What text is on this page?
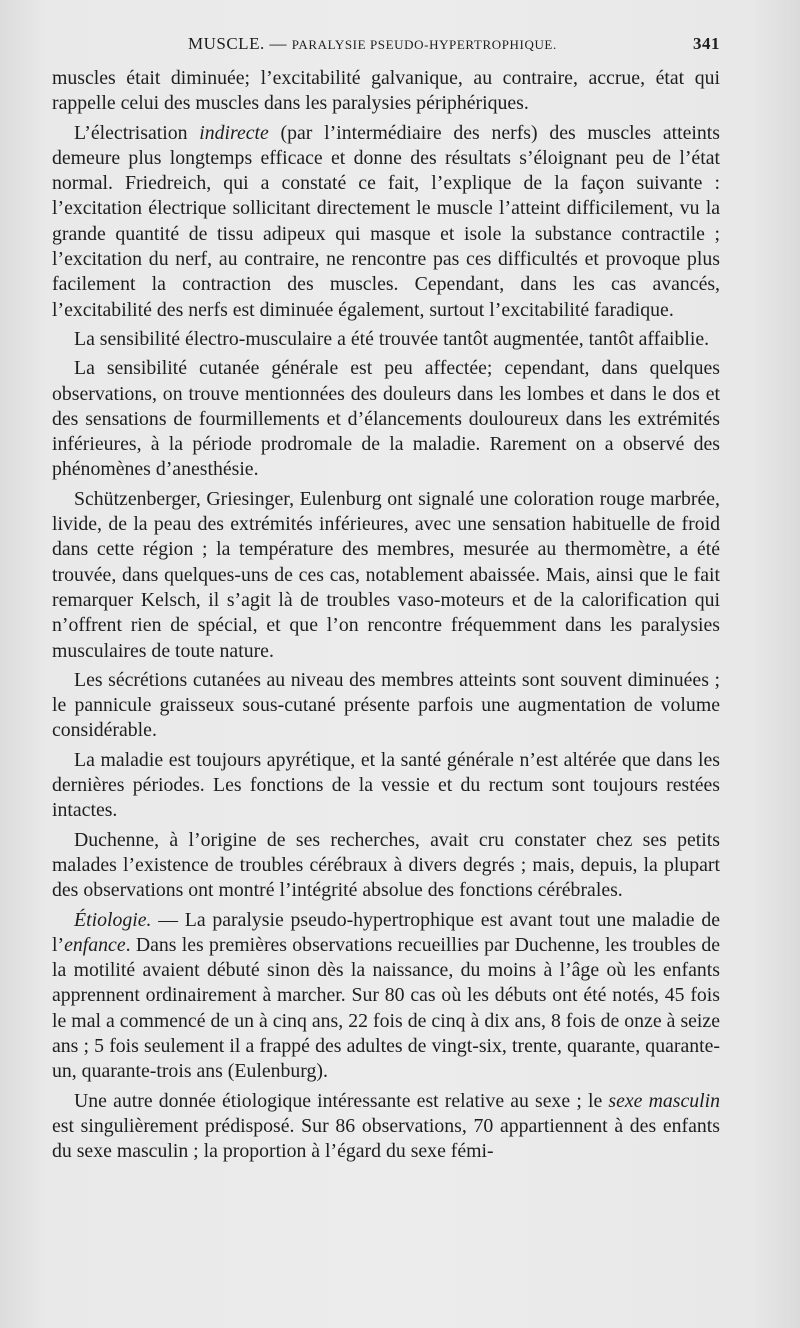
MUSCLE. — PARALYSIE PSEUDO-HYPERTROPHIQUE.	341

muscles était diminuée; l’excitabilité galvanique, au contraire, accrue, état qui rappelle celui des muscles dans les paralysies périphériques.

L’électrisation indirecte (par l’intermédiaire des nerfs) des muscles atteints demeure plus longtemps efficace et donne des résultats s’éloignant peu de l’état normal. Friedreich, qui a constaté ce fait, l’explique de la façon suivante : l’excitation électrique sollicitant directement le muscle l’atteint difficilement, vu la grande quantité de tissu adipeux qui masque et isole la substance contractile ; l’excitation du nerf, au contraire, ne rencontre pas ces difficultés et provoque plus facilement la contraction des muscles. Cependant, dans les cas avancés, l’excitabilité des nerfs est diminuée également, surtout l’excitabilité faradique.

La sensibilité électro-musculaire a été trouvée tantôt augmentée, tantôt affaiblie.

La sensibilité cutanée générale est peu affectée; cependant, dans quelques observations, on trouve mentionnées des douleurs dans les lombes et dans le dos et des sensations de fourmillements et d’élancements douloureux dans les extrémités inférieures, à la période prodromale de la maladie. Rarement on a observé des phénomènes d’anesthésie.

Schützenberger, Griesinger, Eulenburg ont signalé une coloration rouge marbrée, livide, de la peau des extrémités inférieures, avec une sensation habituelle de froid dans cette région ; la température des membres, mesurée au thermomètre, a été trouvée, dans quelques-uns de ces cas, notablement abaissée. Mais, ainsi que le fait remarquer Kelsch, il s’agit là de troubles vaso-moteurs et de la calorification qui n’offrent rien de spécial, et que l’on rencontre fréquemment dans les paralysies musculaires de toute nature.

Les sécrétions cutanées au niveau des membres atteints sont souvent diminuées ; le pannicule graisseux sous-cutané présente parfois une augmentation de volume considérable.

La maladie est toujours apyrétique, et la santé générale n’est altérée que dans les dernières périodes. Les fonctions de la vessie et du rectum sont toujours restées intactes.

Duchenne, à l’origine de ses recherches, avait cru constater chez ses petits malades l’existence de troubles cérébraux à divers degrés ; mais, depuis, la plupart des observations ont montré l’intégrité absolue des fonctions cérébrales.

Étiologie. — La paralysie pseudo-hypertrophique est avant tout une maladie de l’enfance. Dans les premières observations recueillies par Duchenne, les troubles de la motilité avaient débuté sinon dès la naissance, du moins à l’âge où les enfants apprennent ordinairement à marcher. Sur 80 cas où les débuts ont été notés, 45 fois le mal a commencé de un à cinq ans, 22 fois de cinq à dix ans, 8 fois de onze à seize ans ; 5 fois seulement il a frappé des adultes de vingt-six, trente, quarante, quarante-un, quarante-trois ans (Eulenburg).

Une autre donnée étiologique intéressante est relative au sexe ; le sexe masculin est singulièrement prédisposé. Sur 86 observations, 70 appartiennent à des enfants du sexe masculin ; la proportion à l’égard du sexe fémi-
